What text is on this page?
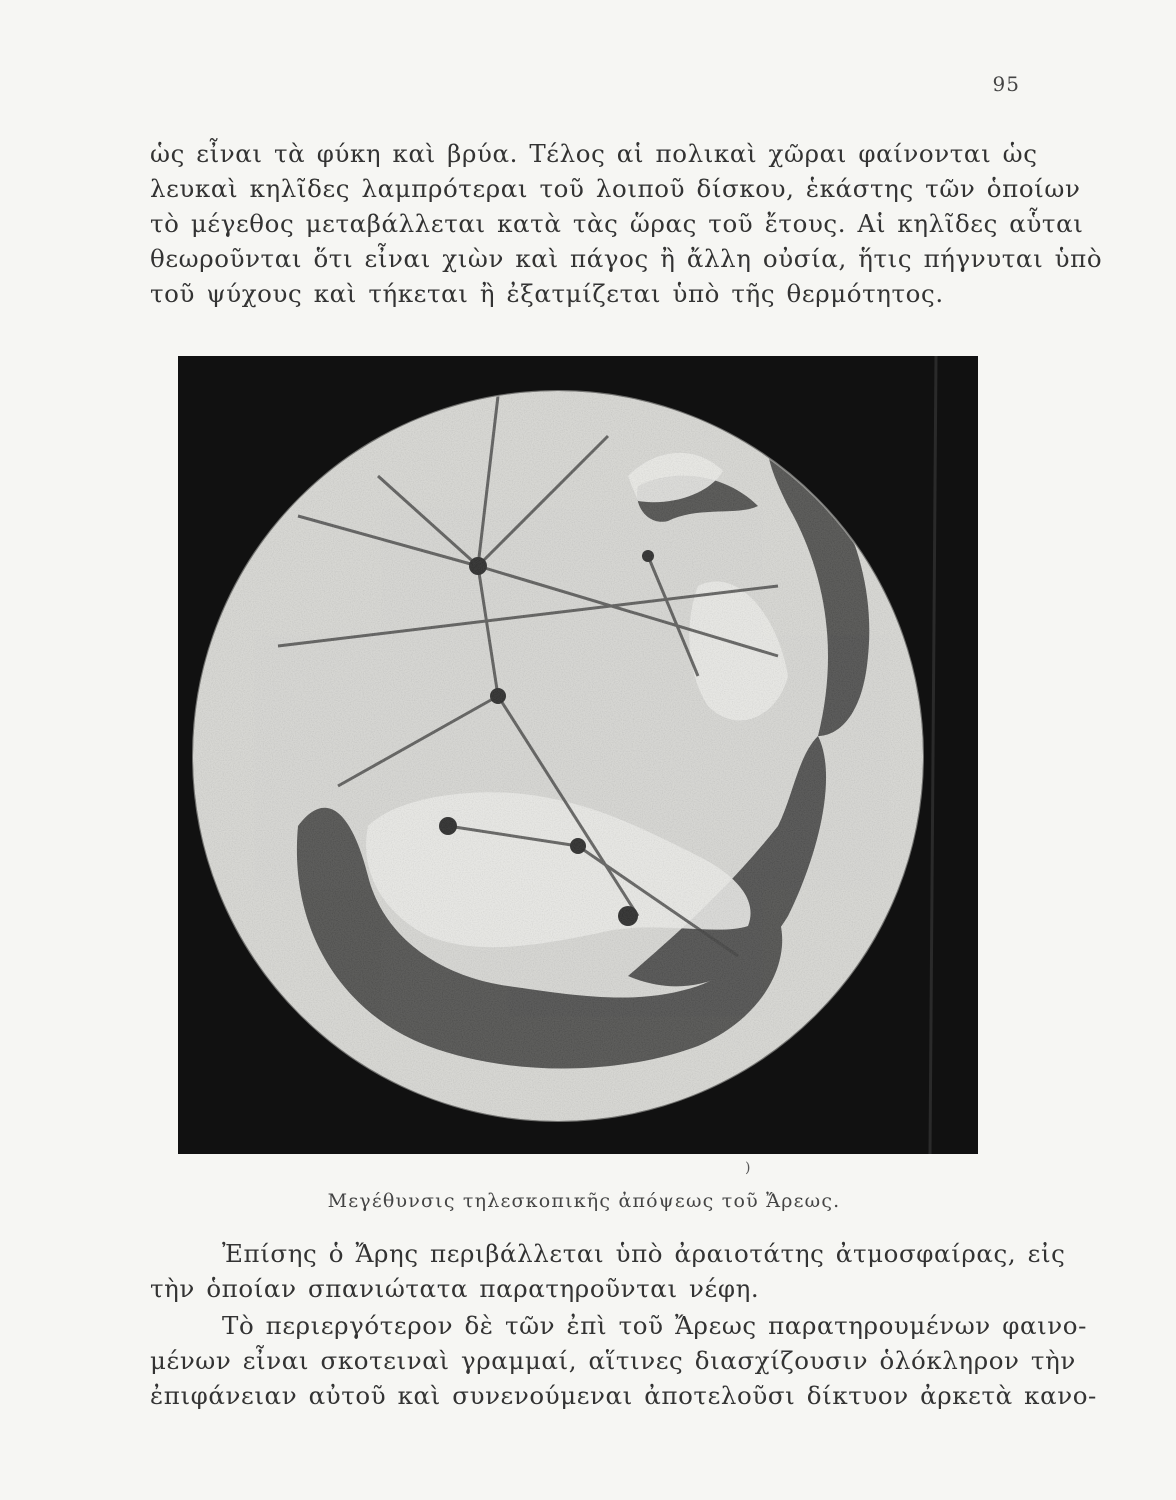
95
ὡς εἶναι τὰ φύκη καὶ βρύα. Τέλος αἱ πολικαὶ χῶραι φαίνονται ὡς
λευκαὶ κηλῖδες λαμπρότεραι τοῦ λοιποῦ δίσκου, ἑκάστης τῶν ὁποίων
τὸ μέγεθος μεταβάλλεται κατὰ τὰς ὥρας τοῦ ἔτους. Αἱ κηλῖδες αὗται
θεωροῦνται ὅτι εἶναι χιὼν καὶ πάγος ἢ ἄλλη οὐσία, ἥτις πήγνυται ὑπὸ
τοῦ ψύχους καὶ τήκεται ἢ ἐξατμίζεται ὑπὸ τῆς θερμότητος.
)
Μεγέθυνσις τηλεσκοπικῆς ἀπόψεως τοῦ Ἄρεως.
Ἐπίσης ὁ Ἄρης περιβάλλεται ὑπὸ ἀραιοτάτης ἀτμοσφαίρας, εἰς
τὴν ὁποίαν σπανιώτατα παρατηροῦνται νέφη.
Τὸ περιεργότερον δὲ τῶν ἐπὶ τοῦ Ἄρεως παρατηρουμένων φαινο-
μένων εἶναι σκοτειναὶ γραμμαί, αἵτινες διασχίζουσιν ὁλόκληρον τὴν
ἐπιφάνειαν αὐτοῦ καὶ συνενούμεναι ἀποτελοῦσι δίκτυον ἀρκετὰ κανο-
